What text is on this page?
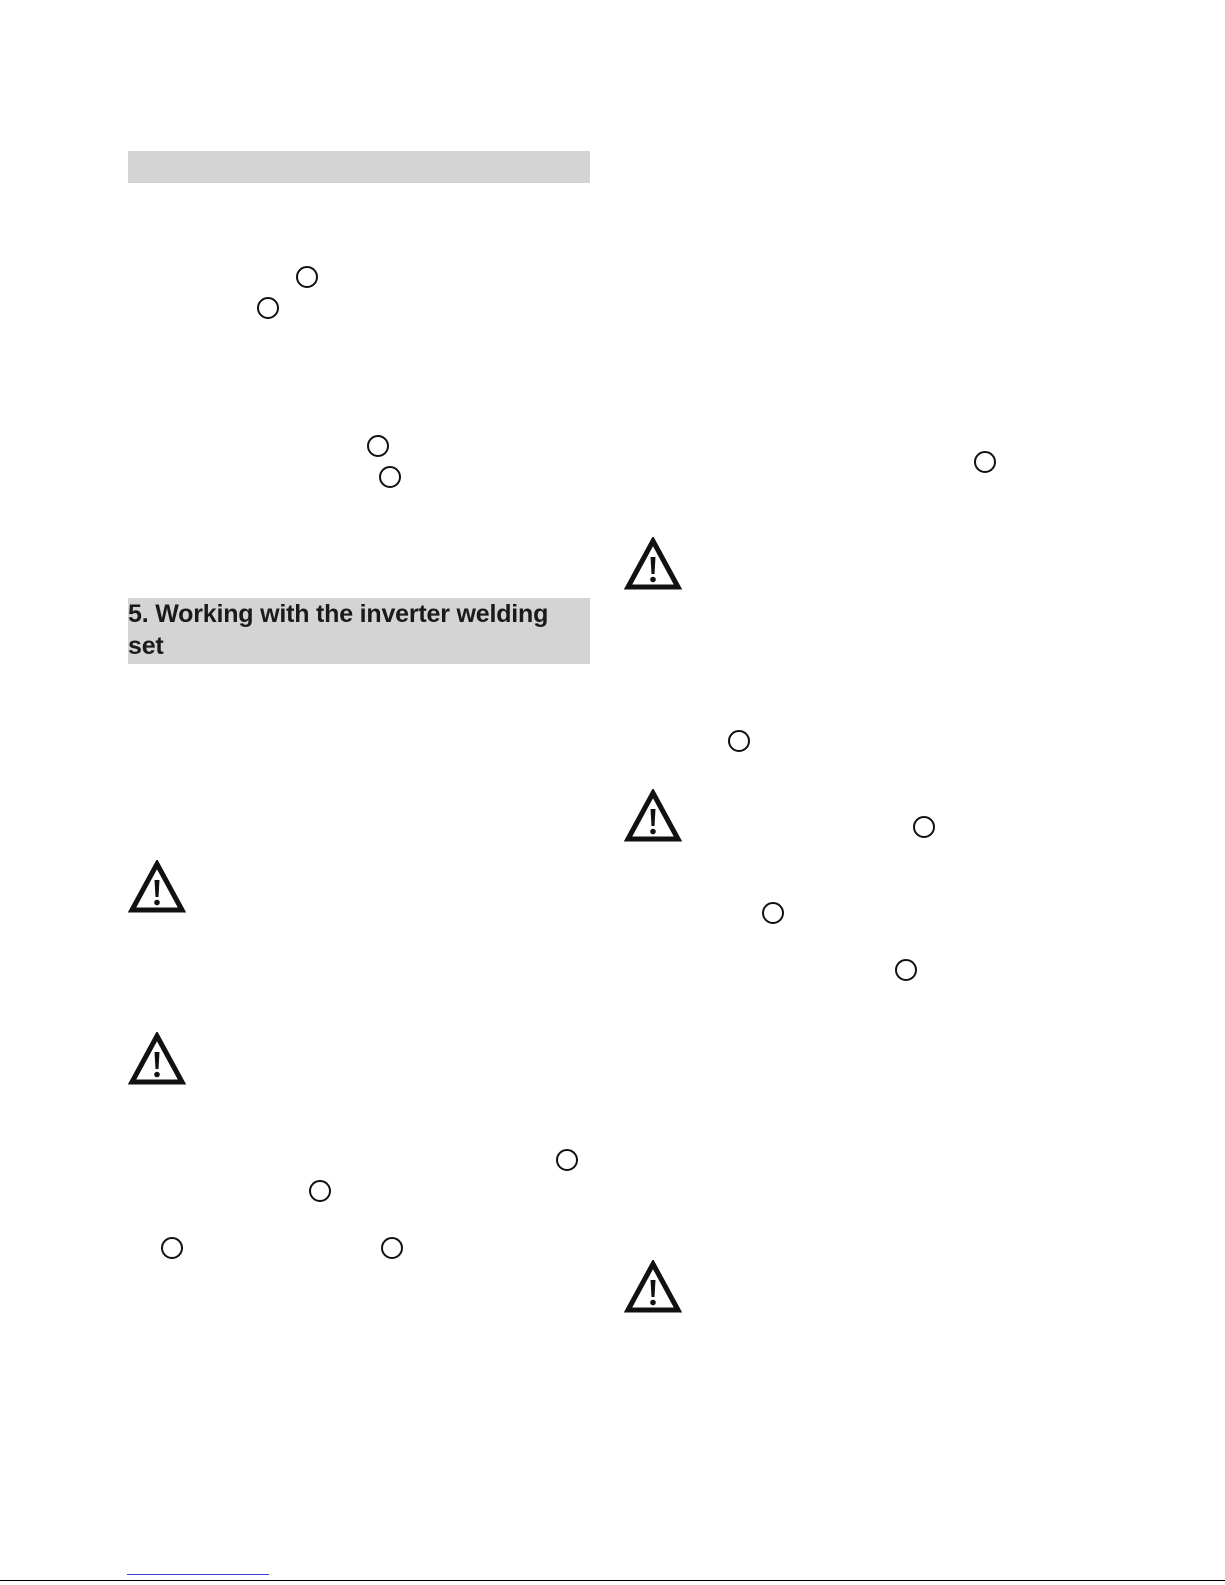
5. Working with the inverter welding set
